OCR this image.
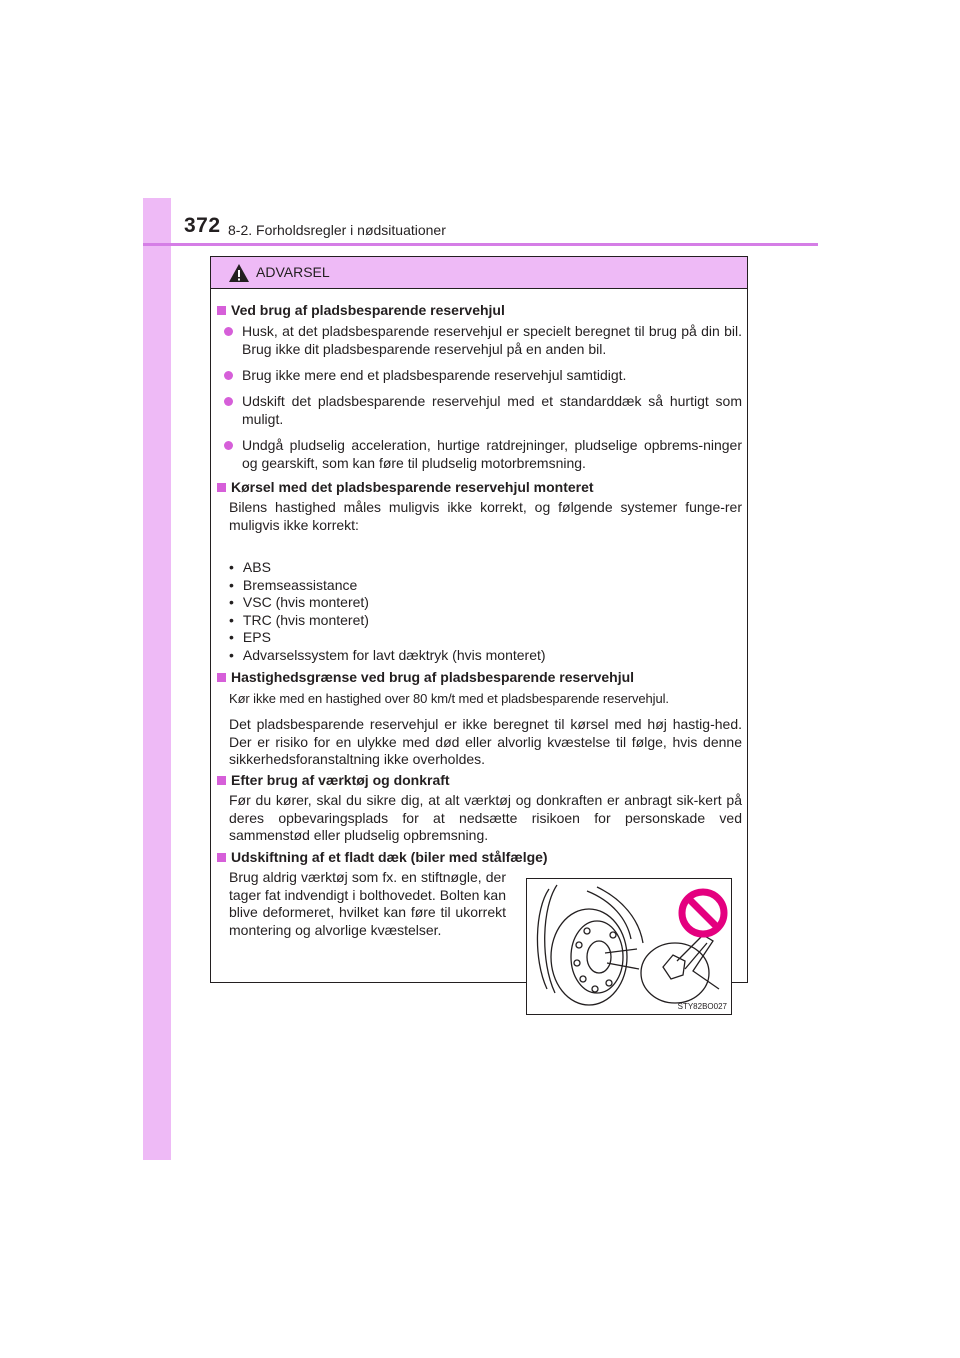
372 8-2. Forholdsregler i nødsituationer
ADVARSEL
Ved brug af pladsbesparende reservehjul
Husk, at det pladsbesparende reservehjul er specielt beregnet til brug på din bil. Brug ikke dit pladsbesparende reservehjul på en anden bil.
Brug ikke mere end et pladsbesparende reservehjul samtidigt.
Udskift det pladsbesparende reservehjul med et standarddæk så hurtigt som muligt.
Undgå pludselig acceleration, hurtige ratdrejninger, pludselige opbrems-ninger og gearskift, som kan føre til pludselig motorbremsning.
Kørsel med det pladsbesparende reservehjul monteret
Bilens hastighed måles muligvis ikke korrekt, og følgende systemer funge-rer muligvis ikke korrekt:
• ABS
• Bremseassistance
• VSC (hvis monteret)
• TRC (hvis monteret)
• EPS
• Advarselssystem for lavt dæktryk (hvis monteret)
Hastighedsgrænse ved brug af pladsbesparende reservehjul
Kør ikke med en hastighed over 80 km/t med et pladsbesparende reservehjul.
Det pladsbesparende reservehjul er ikke beregnet til kørsel med høj hastig-hed. Der er risiko for en ulykke med død eller alvorlig kvæstelse til følge, hvis denne sikkerhedsforanstaltning ikke overholdes.
Efter brug af værktøj og donkraft
Før du kører, skal du sikre dig, at alt værktøj og donkraften er anbragt sik-kert på deres opbevaringsplads for at nedsætte risikoen for personskade ved sammenstød eller pludselig opbremsning.
Udskiftning af et fladt dæk (biler med stålfælge)
Brug aldrig værktøj som fx. en stiftnøgle, der tager fat indvendigt i bolthovedet. Bolten kan blive deformeret, hvilket kan føre til ukorrekt montering og alvorlige kvæstelser.
STY82BO027
